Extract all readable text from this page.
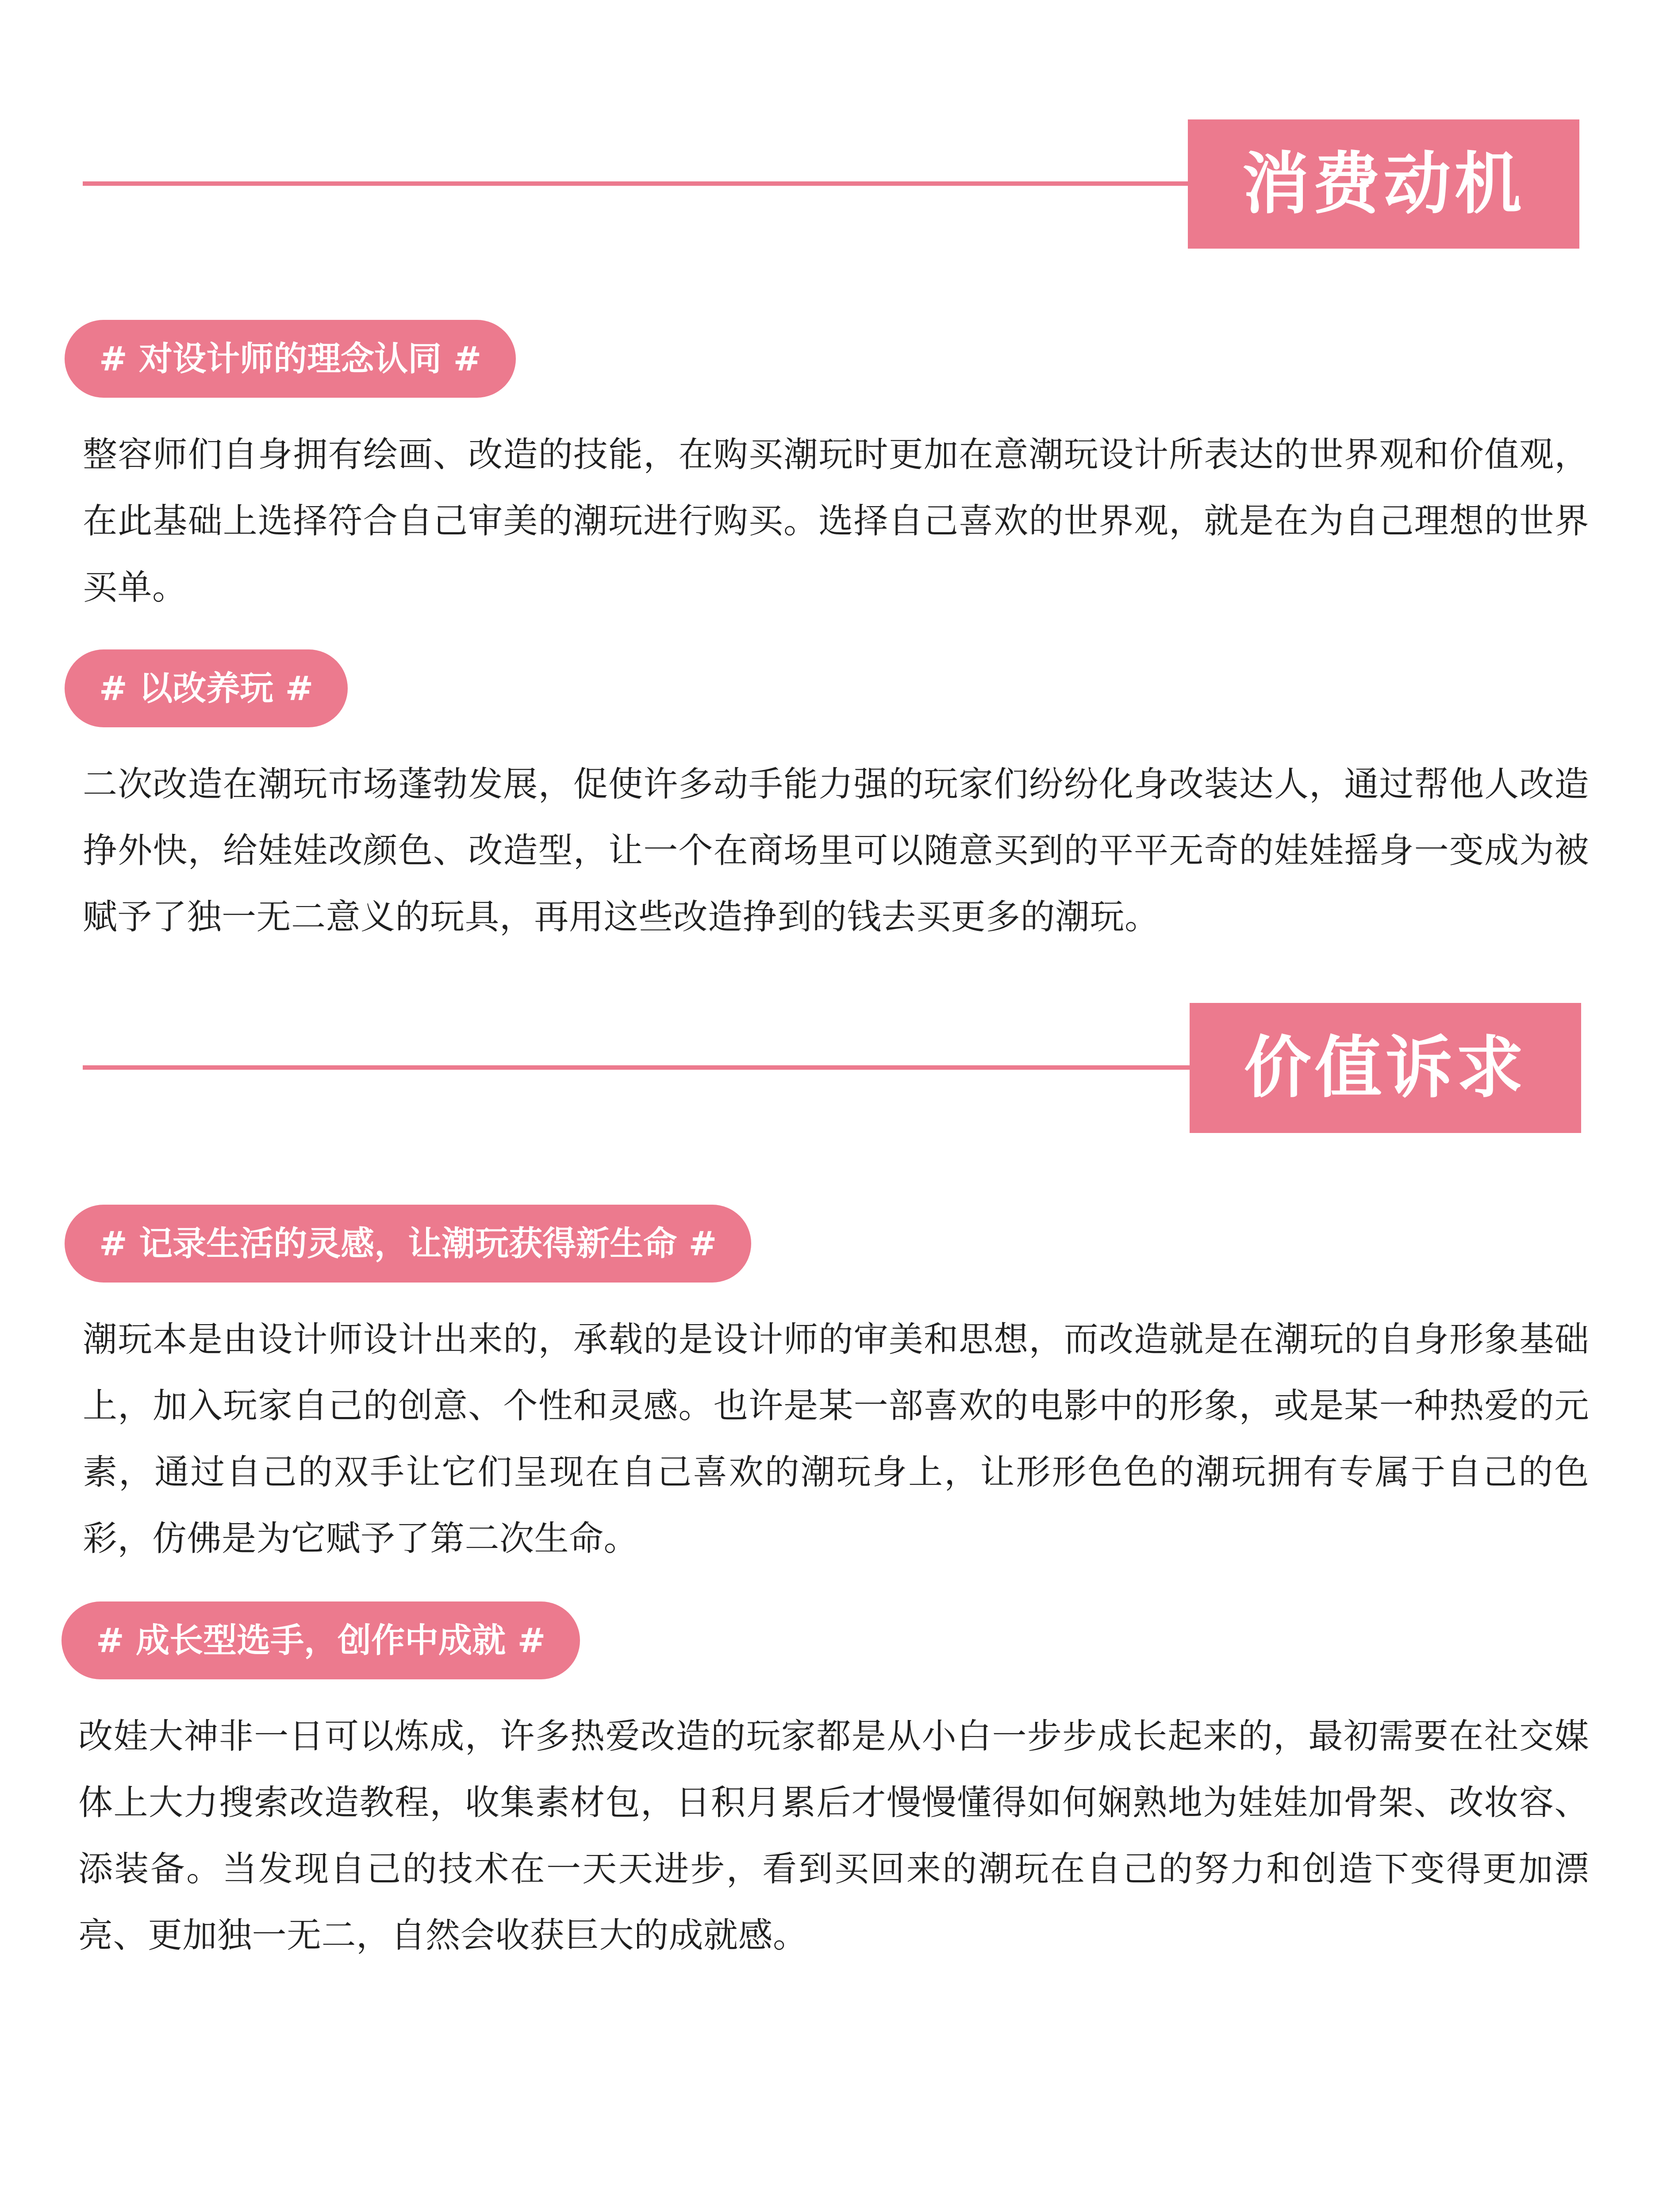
消费动机
# 对设计师的理念认同 #

整容师们自身拥有绘画、改造的技能，在购买潮玩时更加在意潮玩设计所表达的世界观和价值观，在此基础上选择符合自己审美的潮玩进行购买。选择自己喜欢的世界观，就是在为自己理想的世界买单。

# 以改养玩 #

二次改造在潮玩市场蓬勃发展，促使许多动手能力强的玩家们纷纷化身改装达人，通过帮他人改造挣外快，给娃娃改颜色、改造型，让一个在商场里可以随意买到的平平无奇的娃娃摇身一变成为被赋予了独一无二意义的玩具，再用这些改造挣到的钱去买更多的潮玩。

价值诉求
# 记录生活的灵感，让潮玩获得新生命 #

潮玩本是由设计师设计出来的，承载的是设计师的审美和思想，而改造就是在潮玩的自身形象基础上，加入玩家自己的创意、个性和灵感。也许是某一部喜欢的电影中的形象，或是某一种热爱的元素，通过自己的双手让它们呈现在自己喜欢的潮玩身上，让形形色色的潮玩拥有专属于自己的色彩，仿佛是为它赋予了第二次生命。

# 成长型选手，创作中成就 #

改娃大神非一日可以炼成，许多热爱改造的玩家都是从小白一步步成长起来的，最初需要在社交媒体上大力搜索改造教程，收集素材包，日积月累后才慢慢懂得如何娴熟地为娃娃加骨架、改妆容、添装备。当发现自己的技术在一天天进步，看到买回来的潮玩在自己的努力和创造下变得更加漂亮、更加独一无二，自然会收获巨大的成就感。
